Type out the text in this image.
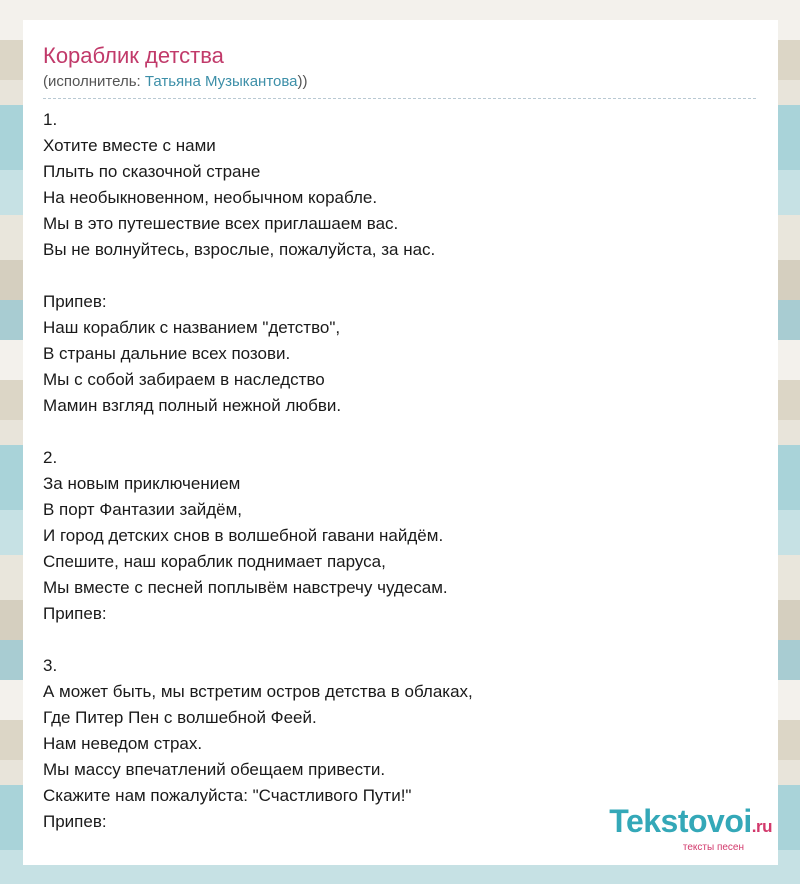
Кораблик детства
(исполнитель: Татьяна Музыкантова))
1.
Хотите вместе с нами
Плыть по сказочной стране
На необыкновенном, необычном корабле.
Мы в это путешествие всех приглашаем вас.
Вы не волнуйтесь, взрослые, пожалуйста, за нас.
Припев:
Наш кораблик с названием "детство",
В страны дальние всех позови.
Мы с собой забираем в наследство
Мамин взгляд полный нежной любви.
2.
За новым приключением
В порт Фантазии зайдём,
И город детских снов в волшебной гавани найдём.
Спешите, наш кораблик поднимает паруса,
Мы вместе с песней поплывём навстречу чудесам.
Припев:
3.
А может быть, мы встретим остров детства в облаках,
Где Питер Пен с волшебной Феей.
Нам неведом страх.
Мы массу впечатлений обещаем привести.
Скажите нам пожалуйста: "Счастливого Пути!"
Припев:	Tekstovoi.ru
тексты песен
